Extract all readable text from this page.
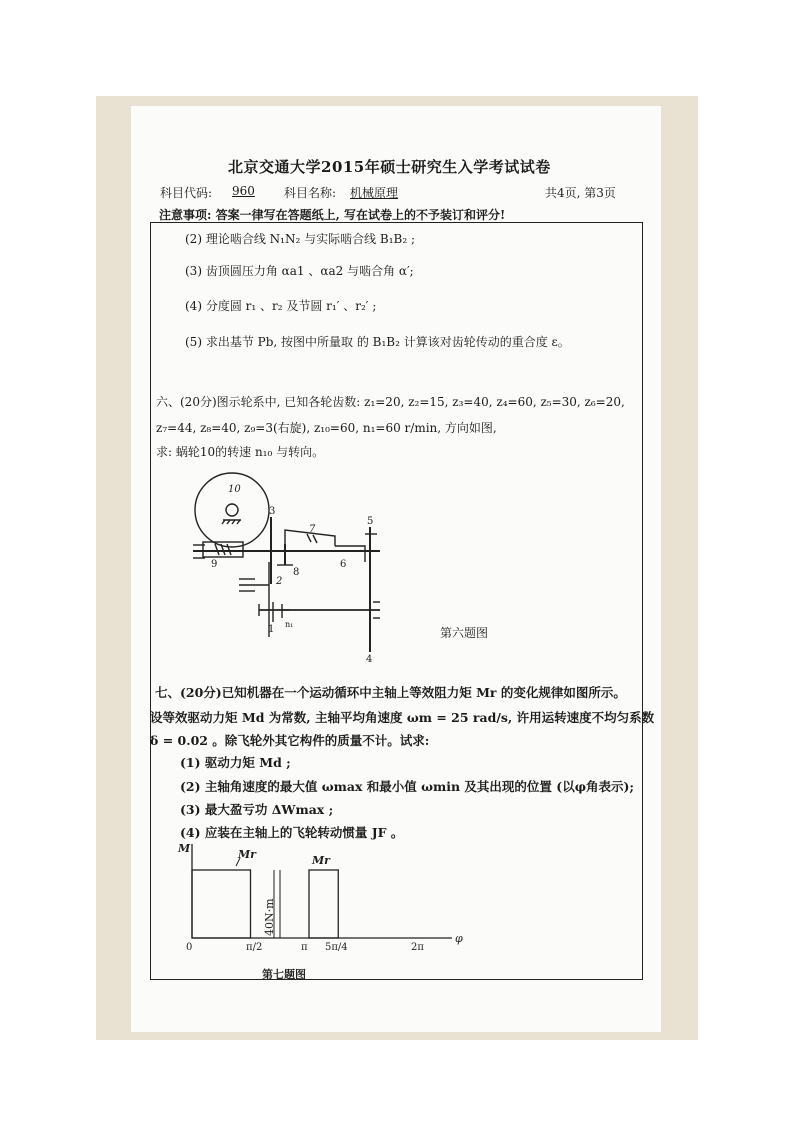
北京交通大学2015年硕士研究生入学考试试卷
科目代码: 960 科目名称: 机械原理	共4页, 第3页
注意事项: 答案一律写在答题纸上, 写在试卷上的不予装订和评分!
(2) 理论啮合线 N₁N₂ 与实际啮合线 B₁B₂ ;
(3) 齿顶圆压力角 αa1 、αa2 与啮合角 α′;
(4) 分度圆 r₁ 、r₂ 及节圆 r₁′ 、r₂′ ;
(5) 求出基节 Pb, 按图中所量取 的 B₁B₂ 计算该对齿轮传动的重合度 ε。
六、(20分)图示轮系中, 已知各轮齿数: z₁=20, z₂=15, z₃=40, z₄=60, z₅=30, z₆=20,
z₇=44, z₈=40, z₉=3(右旋), z₁₀=60, n₁=60 r/min, 方向如图,
求: 蜗轮10的转速 n₁₀ 与转向。
10
3
7
5
9
8
6
2
1 n₁
4
第六题图
七、(20分)已知机器在一个运动循环中主轴上等效阻力矩 Mr 的变化规律如图所示。
设等效驱动力矩 Md 为常数, 主轴平均角速度 ωm = 25 rad/s, 许用运转速度不均匀系数
δ = 0.02 。除飞轮外其它构件的质量不计。试求:
(1) 驱动力矩 Md ;
(2) 主轴角速度的最大值 ωmax 和最小值 ωmin 及其出现的位置 (以φ角表示);
(3) 最大盈亏功 ΔWmax ;
(4) 应装在主轴上的飞轮转动惯量 JF 。
M	Mr	Mr
φ
0	π/2	π 5π/4	2π
40N·m
第七题图
